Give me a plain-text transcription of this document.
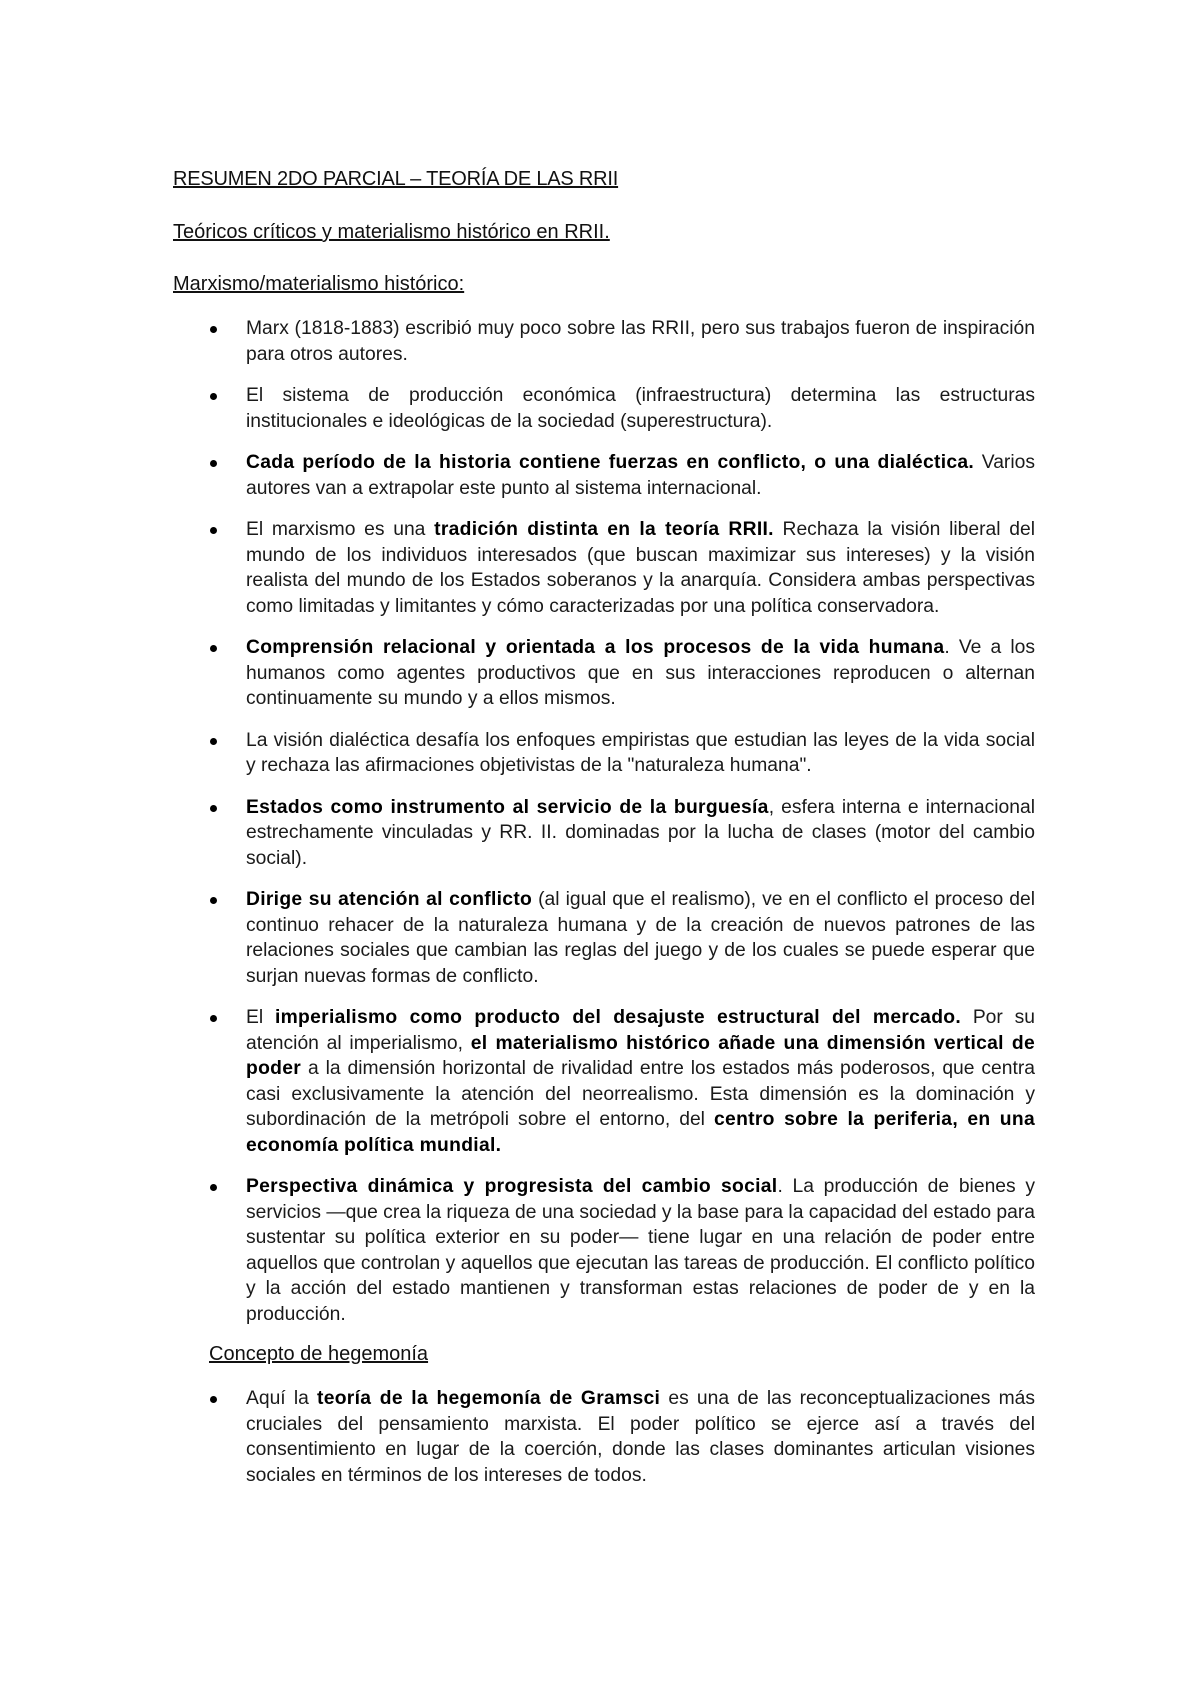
RESUMEN 2DO PARCIAL – TEORÍA DE LAS RRII

Teóricos críticos y materialismo histórico en RRII.

Marxismo/materialismo histórico:

Marx (1818-1883) escribió muy poco sobre las RRII, pero sus trabajos fueron de inspiración para otros autores.
El sistema de producción económica (infraestructura) determina las estructuras institucionales e ideológicas de la sociedad (superestructura).
Cada período de la historia contiene fuerzas en conflicto, o una dialéctica. Varios autores van a extrapolar este punto al sistema internacional.
El marxismo es una tradición distinta en la teoría RRII. Rechaza la visión liberal del mundo de los individuos interesados (que buscan maximizar sus intereses) y la visión realista del mundo de los Estados soberanos y la anarquía. Considera ambas perspectivas como limitadas y limitantes y cómo caracterizadas por una política conservadora.
Comprensión relacional y orientada a los procesos de la vida humana. Ve a los humanos como agentes productivos que en sus interacciones reproducen o alternan continuamente su mundo y a ellos mismos.
La visión dialéctica desafía los enfoques empiristas que estudian las leyes de la vida social y rechaza las afirmaciones objetivistas de la "naturaleza humana".
Estados como instrumento al servicio de la burguesía, esfera interna e internacional estrechamente vinculadas y RR. II. dominadas por la lucha de clases (motor del cambio social).
Dirige su atención al conflicto (al igual que el realismo), ve en el conflicto el proceso del continuo rehacer de la naturaleza humana y de la creación de nuevos patrones de las relaciones sociales que cambian las reglas del juego y de los cuales se puede esperar que surjan nuevas formas de conflicto.
El imperialismo como producto del desajuste estructural del mercado. Por su atención al imperialismo, el materialismo histórico añade una dimensión vertical de poder a la dimensión horizontal de rivalidad entre los estados más poderosos, que centra casi exclusivamente la atención del neorrealismo. Esta dimensión es la dominación y subordinación de la metrópoli sobre el entorno, del centro sobre la periferia, en una economía política mundial.
Perspectiva dinámica y progresista del cambio social. La producción de bienes y servicios —que crea la riqueza de una sociedad y la base para la capacidad del estado para sustentar su política exterior en su poder— tiene lugar en una relación de poder entre aquellos que controlan y aquellos que ejecutan las tareas de producción. El conflicto político y la acción del estado mantienen y transforman estas relaciones de poder de y en la producción.

Concepto de hegemonía

Aquí la teoría de la hegemonía de Gramsci es una de las reconceptualizaciones más cruciales del pensamiento marxista. El poder político se ejerce así a través del consentimiento en lugar de la coerción, donde las clases dominantes articulan visiones sociales en términos de los intereses de todos.
